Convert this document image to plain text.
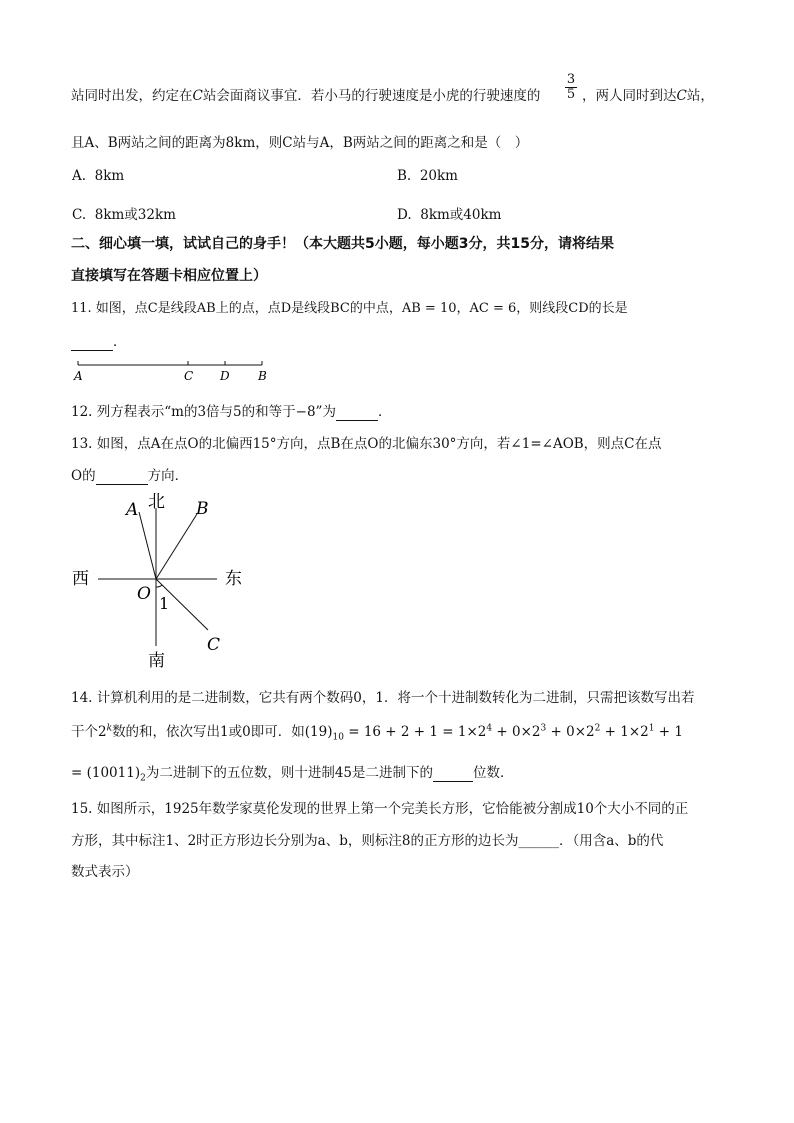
站同时出发，约定在C站会面商议事宜．若小马的行驶速度是小虎的行驶速度的
3
5 ，两人同时到达C站，
且A、B两站之间的距离为8km，则C站与A，B两站之间的距离之和是（　）
A. 8km	B. 20km
C. 8km或32km	D. 8km或40km
二、细心填一填，试试自己的身手！（本大题共5小题，每小题3分，共15分，请将结果
直接填写在答题卡相应位置上）
11. 如图，点C是线段AB上的点，点D是线段BC的中点，AB = 10，AC = 6，则线段CD的长是
．
A	C D B
12. 列方程表示“m的3倍与5的和等于−8”为	．
13. 如图，点A在点O的北偏西15°方向，点B在点O的北偏东30°方向，若∠1=∠AOB，则点C在点
O的	方向．
北
南
西	东
A	B
C
O 1
14. 计算机利用的是二进制数，它共有两个数码0，1．将一个十进制数转化为二进制，只需把该数写出若
干个2$^k$数的和，依次写出1或0即可．如$(19)_{10} = 16 + 2 + 1 = 1\times 2^4 + 0\times 2^3 + 0\times 2^2 + 1\times 2^1 + 1$
= $(10011)_2$为二进制下的五位数，则十进制45是二进制下的	位数．
15. 如图所示，1925年数学家莫伦发现的世界上第一个完美长方形，它恰能被分割成10个大小不同的正
方形，其中标注1、2时正方形边长分别为a、b，则标注8的正方形的边长为______．（用含a、b的代
数式表示）
